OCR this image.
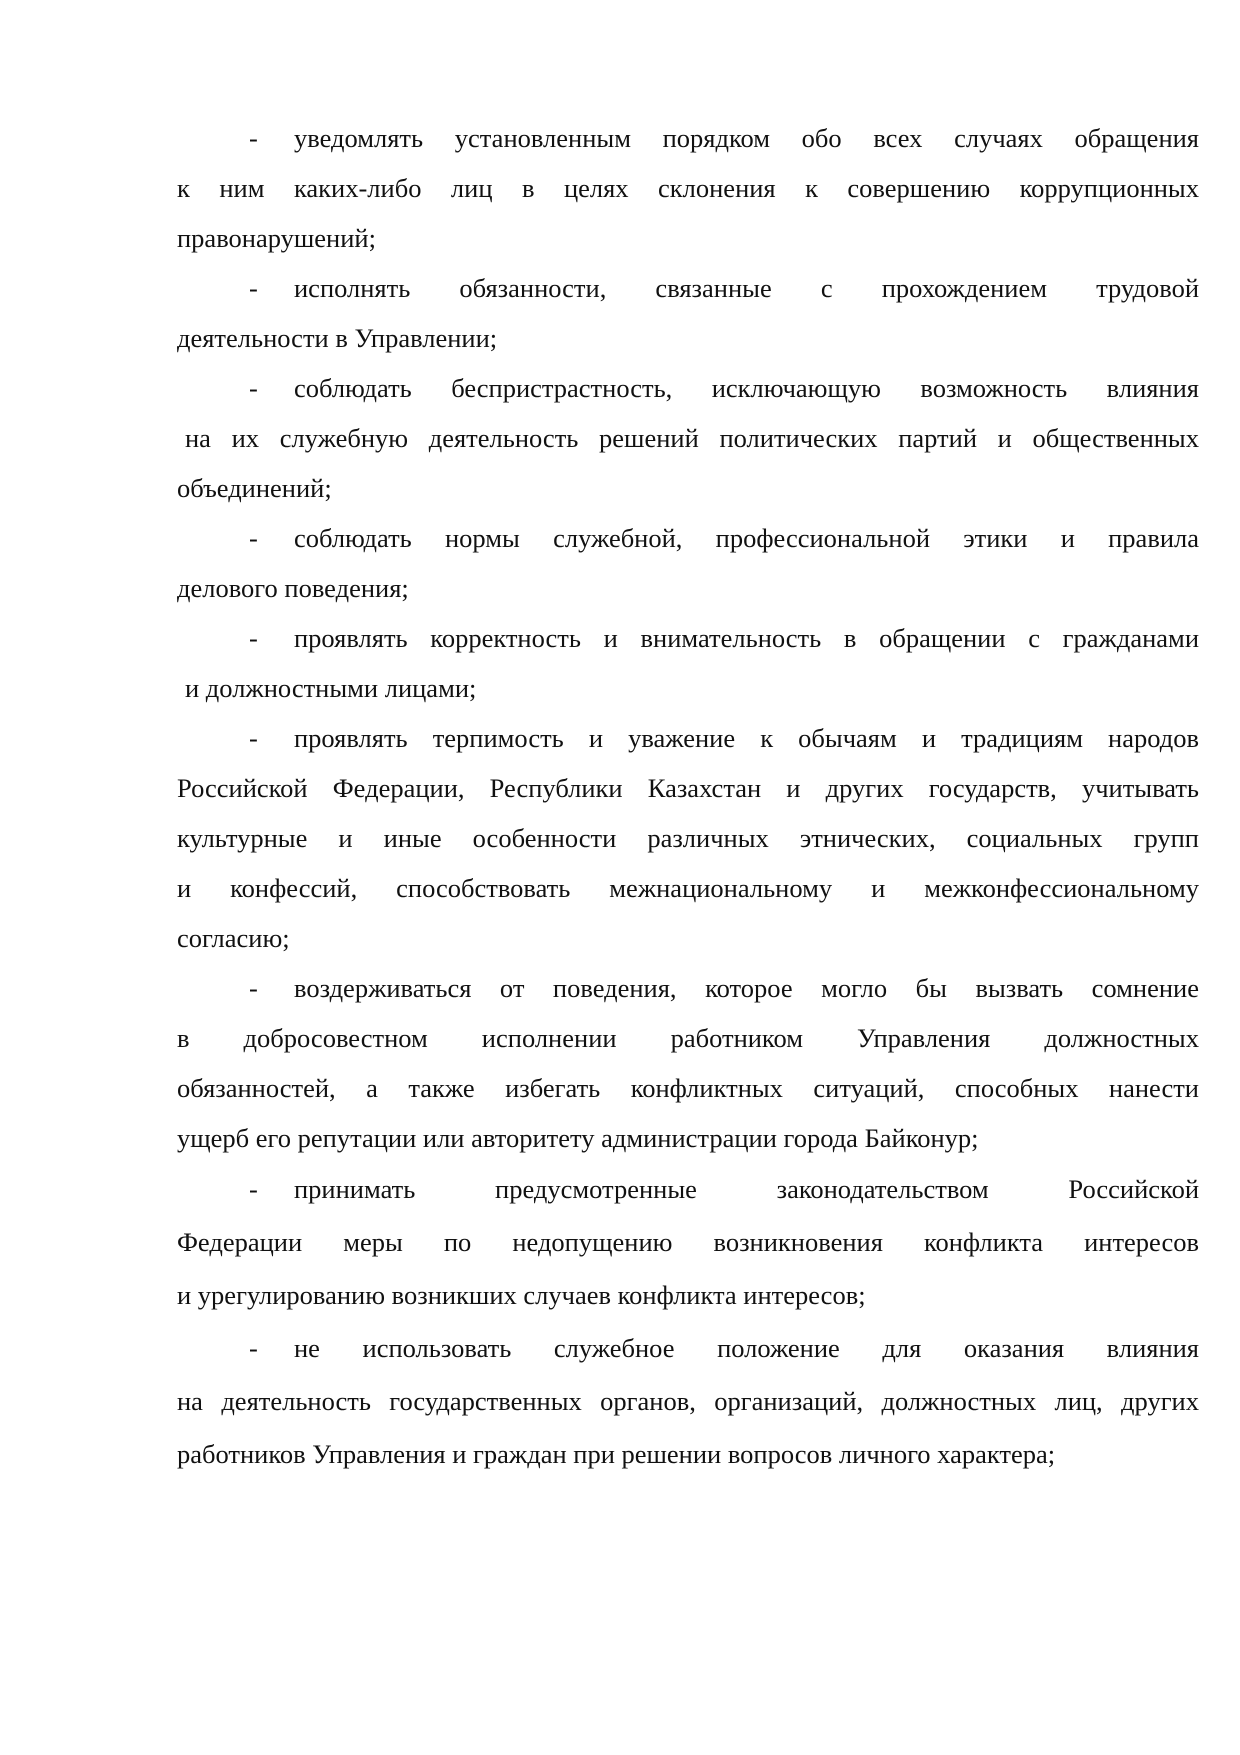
- уведомлять установленным порядком обо всех случаях обращения
к ним каких-либо лиц в целях склонения к совершению коррупционных
правонарушений;
- исполнять обязанности, связанные с прохождением трудовой
деятельности в Управлении;
- соблюдать беспристрастность, исключающую возможность влияния
на их служебную деятельность решений политических партий и общественных
объединений;
- соблюдать нормы служебной, профессиональной этики и правила
делового поведения;
- проявлять корректность и внимательность в обращении с гражданами
и должностными лицами;
- проявлять терпимость и уважение к обычаям и традициям народов
Российской Федерации, Республики Казахстан и других государств, учитывать
культурные и иные особенности различных этнических, социальных групп
и конфессий, способствовать межнациональному и межконфессиональному
согласию;
- воздерживаться от поведения, которое могло бы вызвать сомнение
в добросовестном исполнении работником Управления должностных
обязанностей, а также избегать конфликтных ситуаций, способных нанести
ущерб его репутации или авторитету администрации города Байконур;
- принимать предусмотренные законодательством Российской
Федерации меры по недопущению возникновения конфликта интересов
и урегулированию возникших случаев конфликта интересов;
- не использовать служебное положение для оказания влияния
на деятельность государственных органов, организаций, должностных лиц, других
работников Управления и граждан при решении вопросов личного характера;
